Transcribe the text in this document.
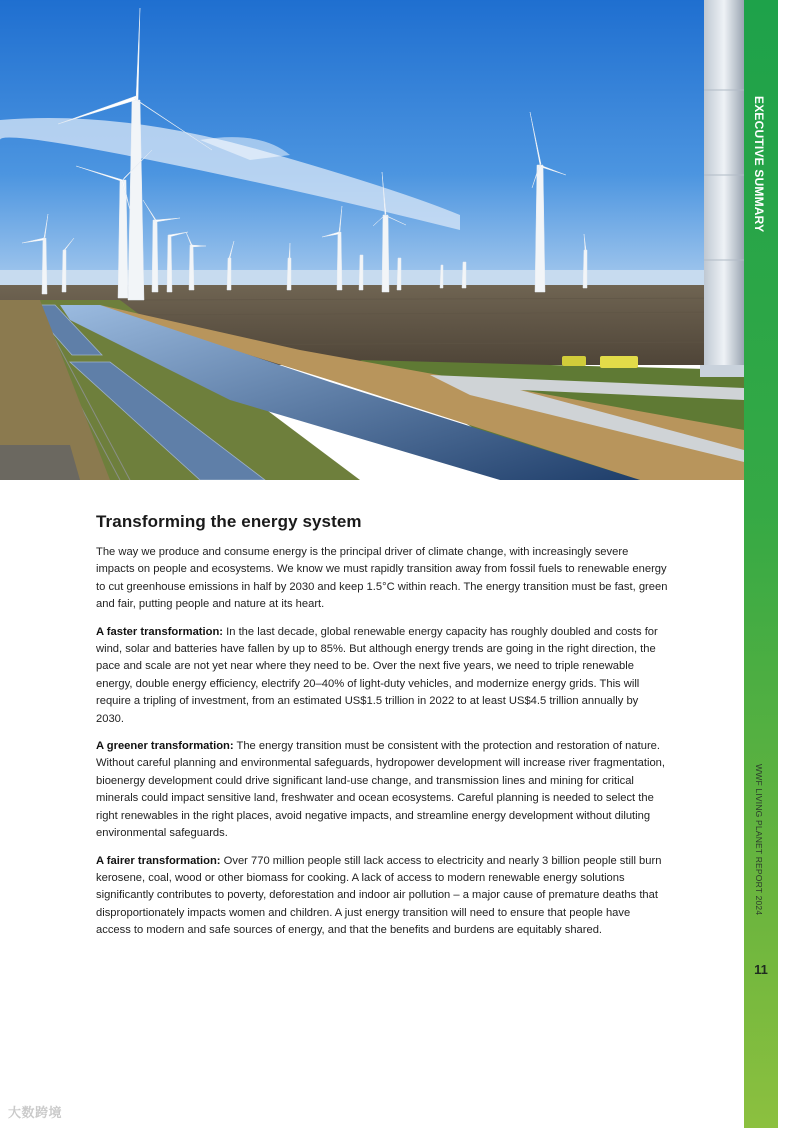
EXECUTIVE SUMMARY
WWF LIVING PLANET REPORT 2024
11
Transforming the energy system

The way we produce and consume energy is the principal driver of climate change, with increasingly severe impacts on people and ecosystems. We know we must rapidly transition away from fossil fuels to renewable energy to cut greenhouse emissions in half by 2030 and keep 1.5°C within reach. The energy transition must be fast, green and fair, putting people and nature at its heart.

A faster transformation: In the last decade, global renewable energy capacity has roughly doubled and costs for wind, solar and batteries have fallen by up to 85%. But although energy trends are going in the right direction, the pace and scale are not yet near where they need to be. Over the next five years, we need to triple renewable energy, double energy efficiency, electrify 20–40% of light-duty vehicles, and modernize energy grids. This will require a tripling of investment, from an estimated US$1.5 trillion in 2022 to at least US$4.5 trillion annually by 2030.

A greener transformation: The energy transition must be consistent with the protection and restoration of nature. Without careful planning and environmental safeguards, hydropower development will increase river fragmentation, bioenergy development could drive significant land-use change, and transmission lines and mining for critical minerals could impact sensitive land, freshwater and ocean ecosystems. Careful planning is needed to select the right renewables in the right places, avoid negative impacts, and streamline energy development without diluting environmental safeguards.

A fairer transformation: Over 770 million people still lack access to electricity and nearly 3 billion people still burn kerosene, coal, wood or other biomass for cooking. A lack of access to modern renewable energy solutions significantly contributes to poverty, deforestation and indoor air pollution – a major cause of premature deaths that disproportionately impacts women and children. A just energy transition will need to ensure that people have access to modern and safe sources of energy, and that the benefits and burdens are equitably shared.

大数跨境
